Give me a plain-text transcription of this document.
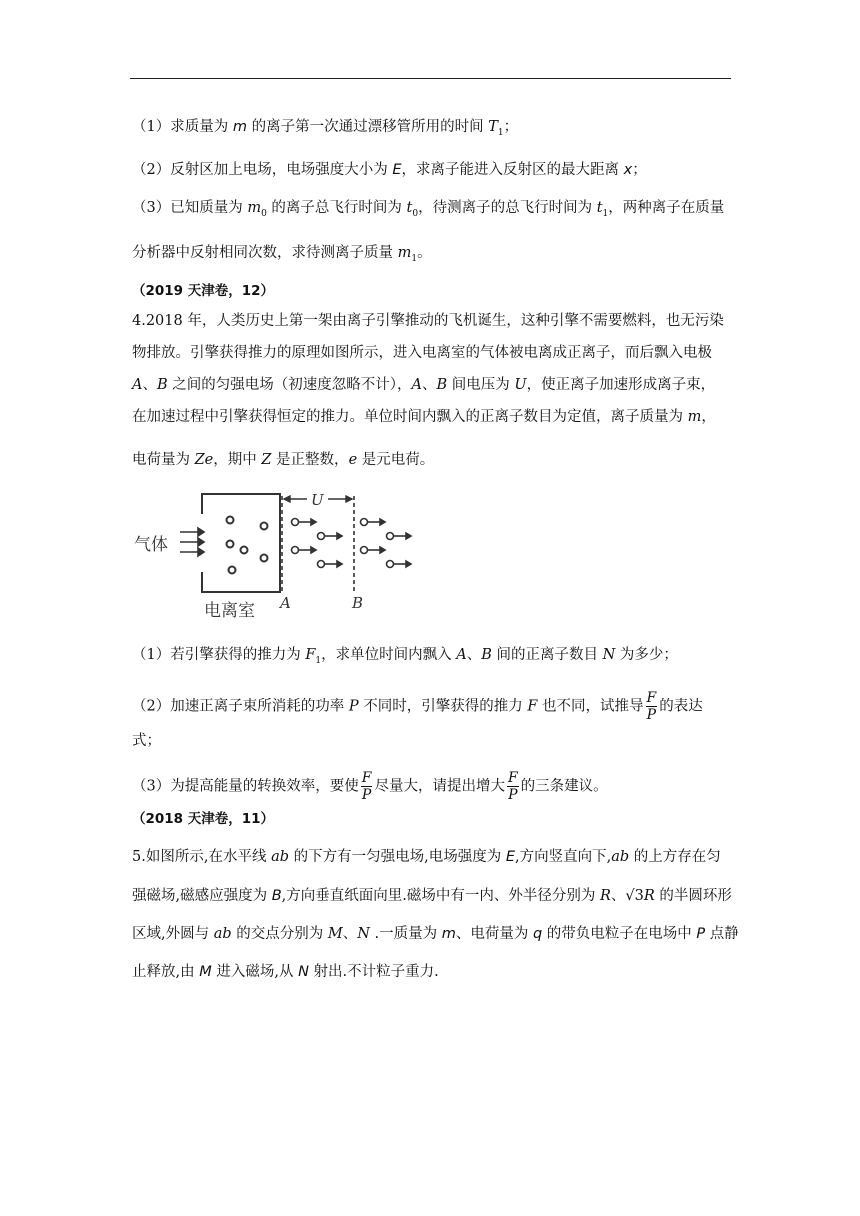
（1）求质量为 m 的离子第一次通过漂移管所用的时间 $T_1$；
（2）反射区加上电场，电场强度大小为 E，求离子能进入反射区的最大距离 x；
（3）已知质量为 $m_0$ 的离子总飞行时间为 $t_0$，待测离子的总飞行时间为 $t_1$，两种离子在质量
分析器中反射相同次数，求待测离子质量 $m_1$。
（2019 天津卷，12）
4.2018 年，人类历史上第一架由离子引擎推动的飞机诞生，这种引擎不需要燃料，也无污染
物排放。引擎获得推力的原理如图所示，进入电离室的气体被电离成正离子，而后飘入电极
A、B 之间的匀强电场（初速度忽略不计），A、B 间电压为 U，使正离子加速形成离子束，
在加速过程中引擎获得恒定的推力。单位时间内飘入的正离子数目为定值，离子质量为 m，
电荷量为 Ze，期中 Z 是正整数，e 是元电荷。
气体
电离室 A	B
U
（1）若引擎获得的推力为 $F_1$，求单位时间内飘入 A、B 间的正离子数目 N 为多少；
（2）加速正离子束所消耗的功率 P 不同时，引擎获得的推力 F 也不同，试推导 $\frac{F}{P}$ 的表达
式；
（3）为提高能量的转换效率，要使 $\frac{F}{P}$ 尽量大，请提出增大 $\frac{F}{P}$ 的三条建议。
（2018 天津卷，11）
5.如图所示,在水平线 ab 的下方有一匀强电场,电场强度为 E,方向竖直向下,ab 的上方存在匀
强磁场,磁感应强度为 B,方向垂直纸面向里.磁场中有一内、外半径分别为 R、√3R 的半圆环形
区域,外圆与 ab 的交点分别为 M、N .一质量为 m、电荷量为 q 的带负电粒子在电场中 P 点静
止释放,由 M 进入磁场,从 N 射出.不计粒子重力.
